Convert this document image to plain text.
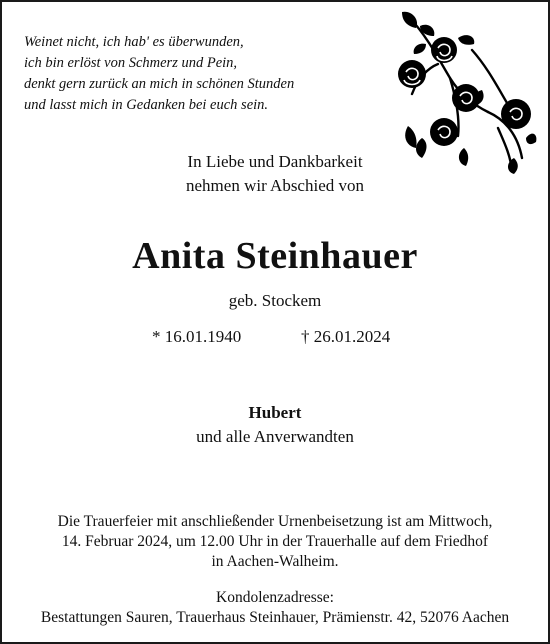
Weinet nicht, ich hab' es überwunden,
ich bin erlöst von Schmerz und Pein,
denkt gern zurück an mich in schönen Stunden
und lasst mich in Gedanken bei euch sein.
In Liebe und Dankbarkeit
nehmen wir Abschied von
Anita Steinhauer
geb. Stockem
* 16.01.1940	† 26.01.2024
Hubert
und alle Anverwandten
Die Trauerfeier mit anschließender Urnenbeisetzung ist am Mittwoch,
14. Februar 2024, um 12.00 Uhr in der Trauerhalle auf dem Friedhof
in Aachen-Walheim.
Kondolenzadresse:
Bestattungen Sauren, Trauerhaus Steinhauer, Prämienstr. 42, 52076 Aachen
